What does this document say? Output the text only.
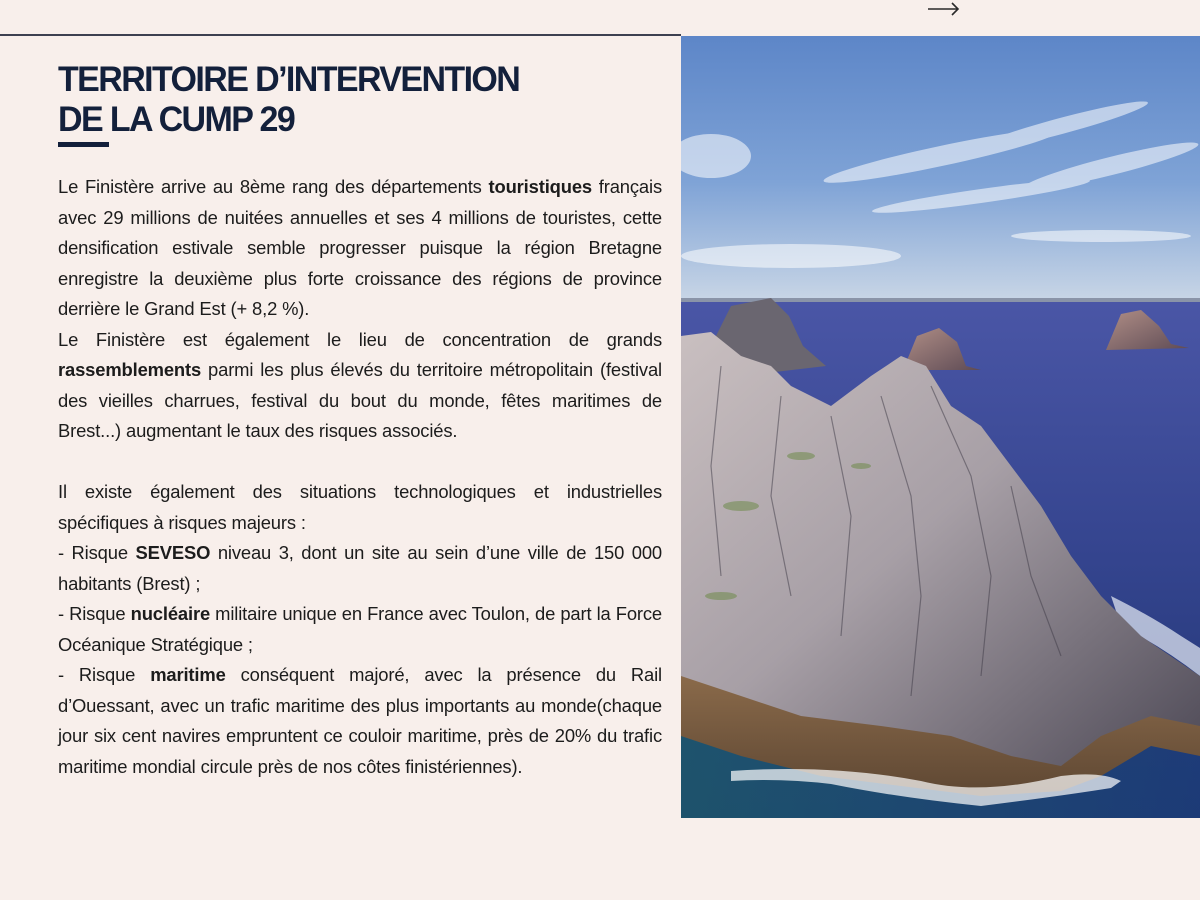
TERRITOIRE D’INTERVENTION
DE LA CUMP 29

Le Finistère arrive au 8ème rang des départements touristiques français avec 29 millions de nuitées annuelles et ses 4 millions de touristes, cette densification estivale semble progresser puisque la région Bretagne enregistre la deuxième plus forte croissance des régions de province derrière le Grand Est (+ 8,2 %).

Le Finistère est également le lieu de concentration de grands rassemblements parmi les plus élevés du territoire métropolitain (festival des vieilles charrues, festival du bout du monde, fêtes maritimes de Brest...) augmentant le taux des risques associés.

Il existe également des situations technologiques et industrielles spécifiques à risques majeurs :

- Risque SEVESO niveau 3, dont un site au sein d’une ville de 150 000 habitants (Brest) ;

- Risque nucléaire militaire unique en France avec Toulon, de part la Force Océanique Stratégique ;

- Risque maritime conséquent majoré, avec la présence du Rail d’Ouessant, avec un trafic maritime des plus importants au monde(chaque jour six cent navires empruntent ce couloir maritime, près de 20% du trafic maritime mondial circule près de nos côtes finistériennes).
